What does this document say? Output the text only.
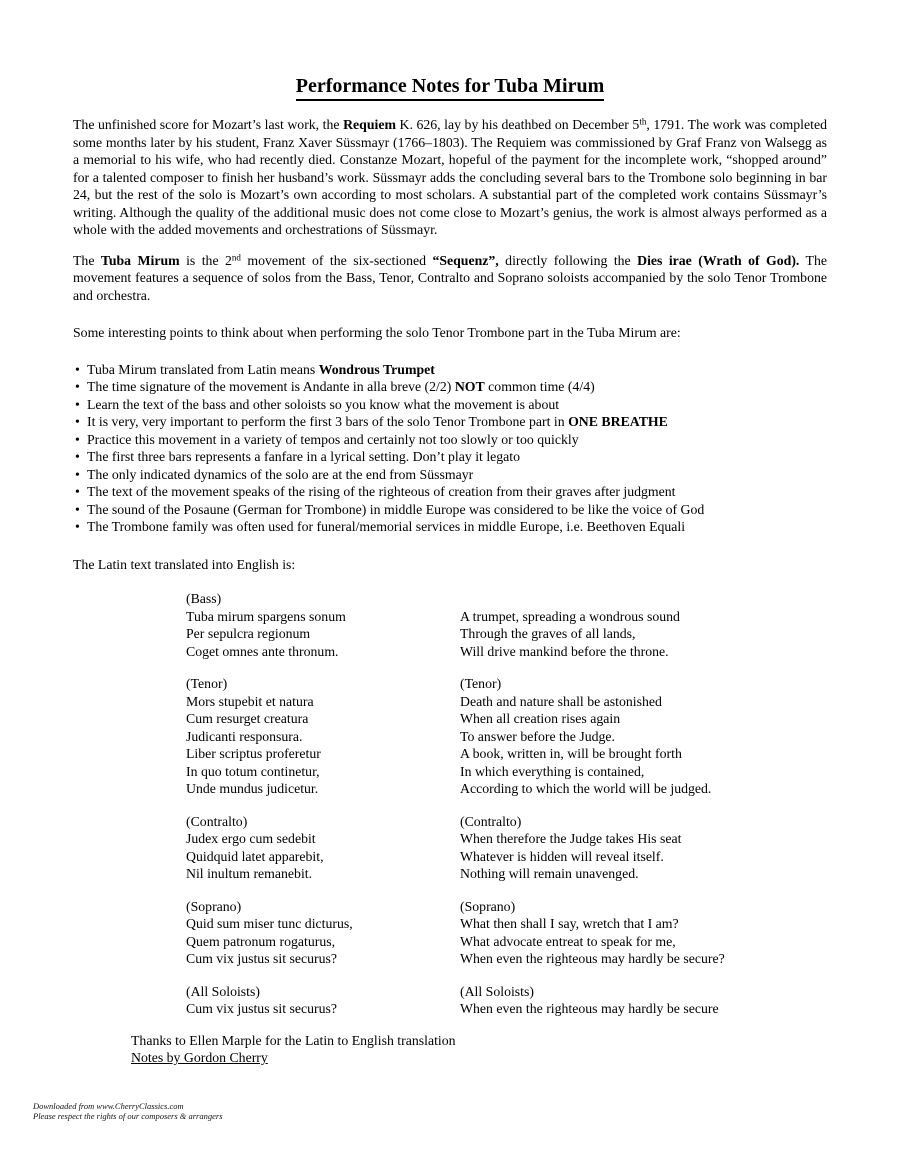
Performance Notes for Tuba Mirum

The unfinished score for Mozart’s last work, the Requiem K. 626, lay by his deathbed on December 5th, 1791. The work was completed some months later by his student, Franz Xaver Süssmayr (1766–1803). The Requiem was commissioned by Graf Franz von Walsegg as a memorial to his wife, who had recently died. Constanze Mozart, hopeful of the payment for the incomplete work, “shopped around” for a talented composer to finish her husband’s work. Süssmayr adds the concluding several bars to the Trombone solo beginning in bar 24, but the rest of the solo is Mozart’s own according to most scholars. A substantial part of the completed work contains Süssmayr’s writing. Although the quality of the additional music does not come close to Mozart’s genius, the work is almost always performed as a whole with the added movements and orchestrations of Süssmayr.

The Tuba Mirum is the 2nd movement of the six-sectioned “Sequenz”, directly following the Dies irae (Wrath of God). The movement features a sequence of solos from the Bass, Tenor, Contralto and Soprano soloists accompanied by the solo Tenor Trombone and orchestra.

Some interesting points to think about when performing the solo Tenor Trombone part in the Tuba Mirum are:

• Tuba Mirum translated from Latin means Wondrous Trumpet
• The time signature of the movement is Andante in alla breve (2/2) NOT common time (4/4)
• Learn the text of the bass and other soloists so you know what the movement is about
• It is very, very important to perform the first 3 bars of the solo Tenor Trombone part in ONE BREATHE
• Practice this movement in a variety of tempos and certainly not too slowly or too quickly
• The first three bars represents a fanfare in a lyrical setting. Don’t play it legato
• The only indicated dynamics of the solo are at the end from Süssmayr
• The text of the movement speaks of the rising of the righteous of creation from their graves after judgment
• The sound of the Posaune (German for Trombone) in middle Europe was considered to be like the voice of God
• The Trombone family was often used for funeral/memorial services in middle Europe, i.e. Beethoven Equali

The Latin text translated into English is:

(Bass)
Tuba mirum spargens sonum	A trumpet, spreading a wondrous sound
Per sepulcra regionum	Through the graves of all lands,
Coget omnes ante thronum.	Will drive mankind before the throne.
(Tenor)	(Tenor)
Mors stupebit et natura	Death and nature shall be astonished
Cum resurget creatura	When all creation rises again
Judicanti responsura.	To answer before the Judge.
Liber scriptus proferetur	A book, written in, will be brought forth
In quo totum continetur,	In which everything is contained,
Unde mundus judicetur.	According to which the world will be judged.
(Contralto)	(Contralto)
Judex ergo cum sedebit	When therefore the Judge takes His seat
Quidquid latet apparebit,	Whatever is hidden will reveal itself.
Nil inultum remanebit.	Nothing will remain unavenged.
(Soprano)	(Soprano)
Quid sum miser tunc dicturus,	What then shall I say, wretch that I am?
Quem patronum rogaturus,	What advocate entreat to speak for me,
Cum vix justus sit securus?	When even the righteous may hardly be secure?
(All Soloists)	(All Soloists)
Cum vix justus sit securus?	When even the righteous may hardly be secure

Thanks to Ellen Marple for the Latin to English translation

Notes by Gordon Cherry

Downloaded from www.CherryClassics.com

Please respect the rights of our composers & arrangers
